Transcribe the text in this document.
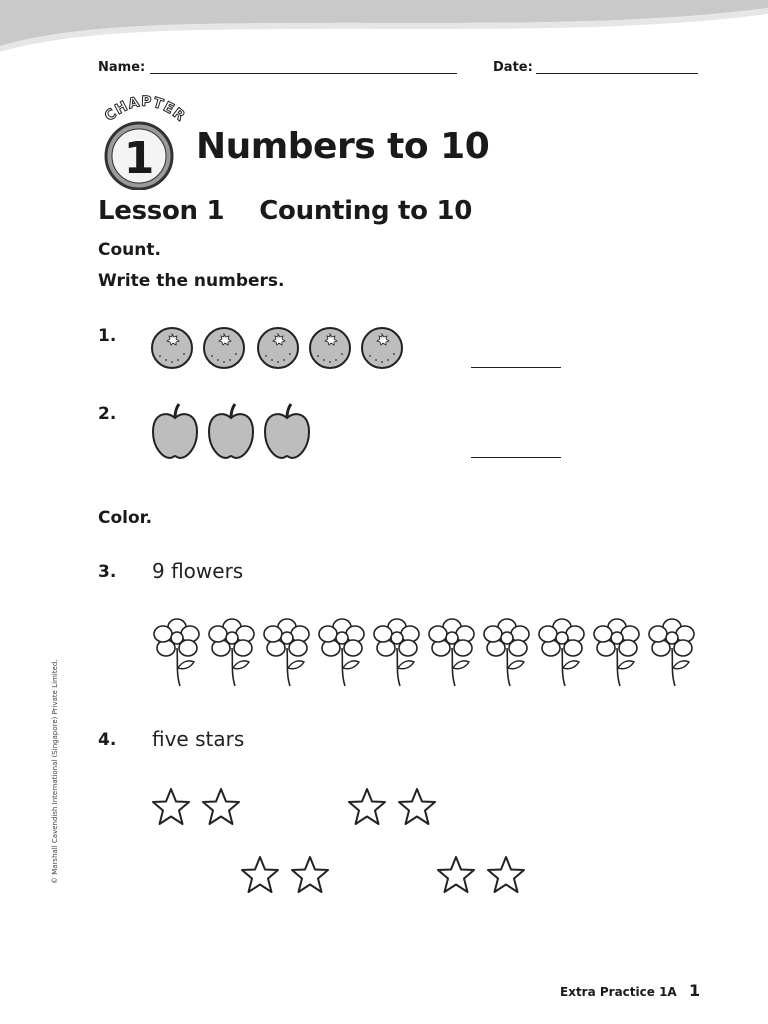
Name:	Date:
CHAPTER
1 Numbers to 10
Lesson 1    Counting to 10
Count.
Write the numbers.
1.
2.
Color.
3. 9 flowers
4. five stars
© Marshall Cavendish International (Singapore) Private Limited.
Extra Practice 1A 1
